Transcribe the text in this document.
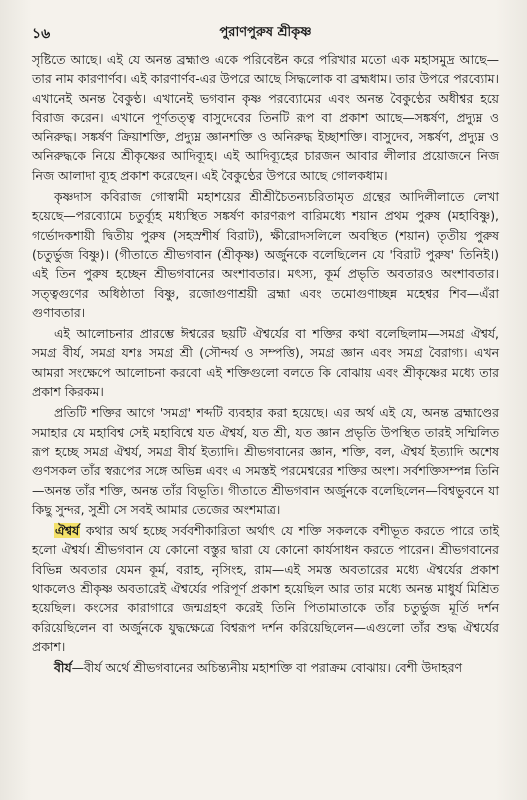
১৬	পুরাণপুরুষ শ্রীকৃষ্ণ

সৃষ্টিতে আছে। এই যে অনন্ত ব্রহ্মাণ্ড একে পরিবেষ্টন করে পরিখার মতো এক মহাসমুদ্র আছে—তার নাম কারণার্ণব। এই কারণার্ণব-এর উপরে আছে সিদ্ধলোক বা ব্রহ্মধাম। তার উপরে পরব্যোম। এখানেই অনন্ত বৈকুণ্ঠ। এখানেই ভগবান কৃষ্ণ পরব্যোমের এবং অনন্ত বৈকুণ্ঠের অধীশ্বর হয়ে বিরাজ করেন। এখানে পূর্ণতত্ত্ব বাসুদেবের তিনটি রূপ বা প্রকাশ আছে—সঙ্কর্ষণ, প্রদ্যুম্ন ও অনিরুদ্ধ। সঙ্কর্ষণ ক্রিয়াশক্তি, প্রদ্যুম্ন জ্ঞানশক্তি ও অনিরুদ্ধ ইচ্ছাশক্তি। বাসুদেব, সঙ্কর্ষণ, প্রদ্যুম্ন ও অনিরুদ্ধকে নিয়ে শ্রীকৃষ্ণের আদিব্যূহ। এই আদিব্যূহের চারজন আবার লীলার প্রয়োজনে নিজ নিজ আলাদা ব্যূহ প্রকাশ করেছেন। এই বৈকুণ্ঠের উপরে আছে গোলকধাম।

কৃষ্ণদাস কবিরাজ গোস্বামী মহাশয়ের শ্রীশ্রীচৈতন্যচরিতামৃত গ্রন্থের আদিলীলাতে লেখা হয়েছে—পরব্যোমে চতুর্ব্যূহ মধ্যস্থিত সঙ্কর্ষণ কারণরূপ বারিমধ্যে শয়ান প্রথম পুরুষ (মহাবিষ্ণু), গর্ভোদকশায়ী দ্বিতীয় পুরুষ (সহস্রশীর্ষ বিরাট), ক্ষীরোদসলিলে অবস্থিত (শয়ান) তৃতীয় পুরুষ (চতুর্ভুজ বিষ্ণু)। (গীতাতে শ্রীভগবান (শ্রীকৃষ্ণ) অর্জুনকে বলেছিলেন যে 'বিরাট পুরুষ' তিনিই।) এই তিন পুরুষ হচ্ছেন শ্রীভগবানের অংশাবতার। মৎস্য, কূর্ম প্রভৃতি অবতারও অংশাবতার। সত্ত্বগুণের অধিষ্ঠাতা বিষ্ণু, রজোগুণাশ্রয়ী ব্রহ্মা এবং তমোগুণাচ্ছন্ন মহেশ্বর শিব—এঁরা গুণাবতার।

এই আলোচনার প্রারম্ভে ঈশ্বরের ছয়টি ঐশ্বর্যের বা শক্তির কথা বলেছিলাম—সমগ্র ঐশ্বর্য, সমগ্র বীর্য, সমগ্র যশঃ সমগ্র শ্রী (সৌন্দর্য ও সম্পত্তি), সমগ্র জ্ঞান এবং সমগ্র বৈরাগ্য। এখন আমরা সংক্ষেপে আলোচনা করবো এই শক্তিগুলো বলতে কি বোঝায় এবং শ্রীকৃষ্ণের মধ্যে তার প্রকাশ কিরকম।

প্রতিটি শক্তির আগে 'সমগ্র' শব্দটি ব্যবহার করা হয়েছে। এর অর্থ এই যে, অনন্ত ব্রহ্মাণ্ডের সমাহার যে মহাবিশ্ব সেই মহাবিশ্বে যত ঐশ্বর্য, যত শ্রী, যত জ্ঞান প্রভৃতি উপস্থিত তারই সম্মিলিত রূপ হচ্ছে সমগ্র ঐশ্বর্য, সমগ্র বীর্য ইত্যাদি। শ্রীভগবানের জ্ঞান, শক্তি, বল, ঐশ্বর্য ইত্যাদি অশেষ গুণসকল তাঁর স্বরূপের সঙ্গে অভিন্ন এবং এ সমস্তই পরমেশ্বরের শক্তির অংশ। সর্বশক্তিসম্পন্ন তিনি—অনন্ত তাঁর শক্তি, অনন্ত তাঁর বিভূতি। গীতাতে শ্রীভগবান অর্জুনকে বলেছিলেন—বিশ্বভুবনে যা কিছু সুন্দর, সুশ্রী সে সবই আমার তেজের অংশমাত্র।

ঐশ্বর্য কথার অর্থ হচ্ছে সর্ববশীকারিতা অর্থাৎ যে শক্তি সকলকে বশীভূত করতে পারে তাই হলো ঐশ্বর্য। শ্রীভগবান যে কোনো বস্তুর দ্বারা যে কোনো কার্যসাধন করতে পারেন। শ্রীভগবানের বিভিন্ন অবতার যেমন কূর্ম, বরাহ, নৃসিংহ, রাম—এই সমস্ত অবতারের মধ্যে ঐশ্বর্যের প্রকাশ থাকলেও শ্রীকৃষ্ণ অবতারেই ঐশ্বর্যের পরিপূর্ণ প্রকাশ হয়েছিল আর তার মধ্যে অনন্ত মাধুর্য মিশ্রিত হয়েছিল। কংসের কারাগারে জন্মগ্রহণ করেই তিনি পিতামাতাকে তাঁর চতুর্ভুজ মূর্তি দর্শন করিয়েছিলেন বা অর্জুনকে যুদ্ধক্ষেত্রে বিশ্বরূপ দর্শন করিয়েছিলেন—এগুলো তাঁর শুদ্ধ ঐশ্বর্যের প্রকাশ।

বীর্য—বীর্য অর্থে শ্রীভগবানের অচিন্ত্যনীয় মহাশক্তি বা পরাক্রম বোঝায়। বেশী উদাহরণ
